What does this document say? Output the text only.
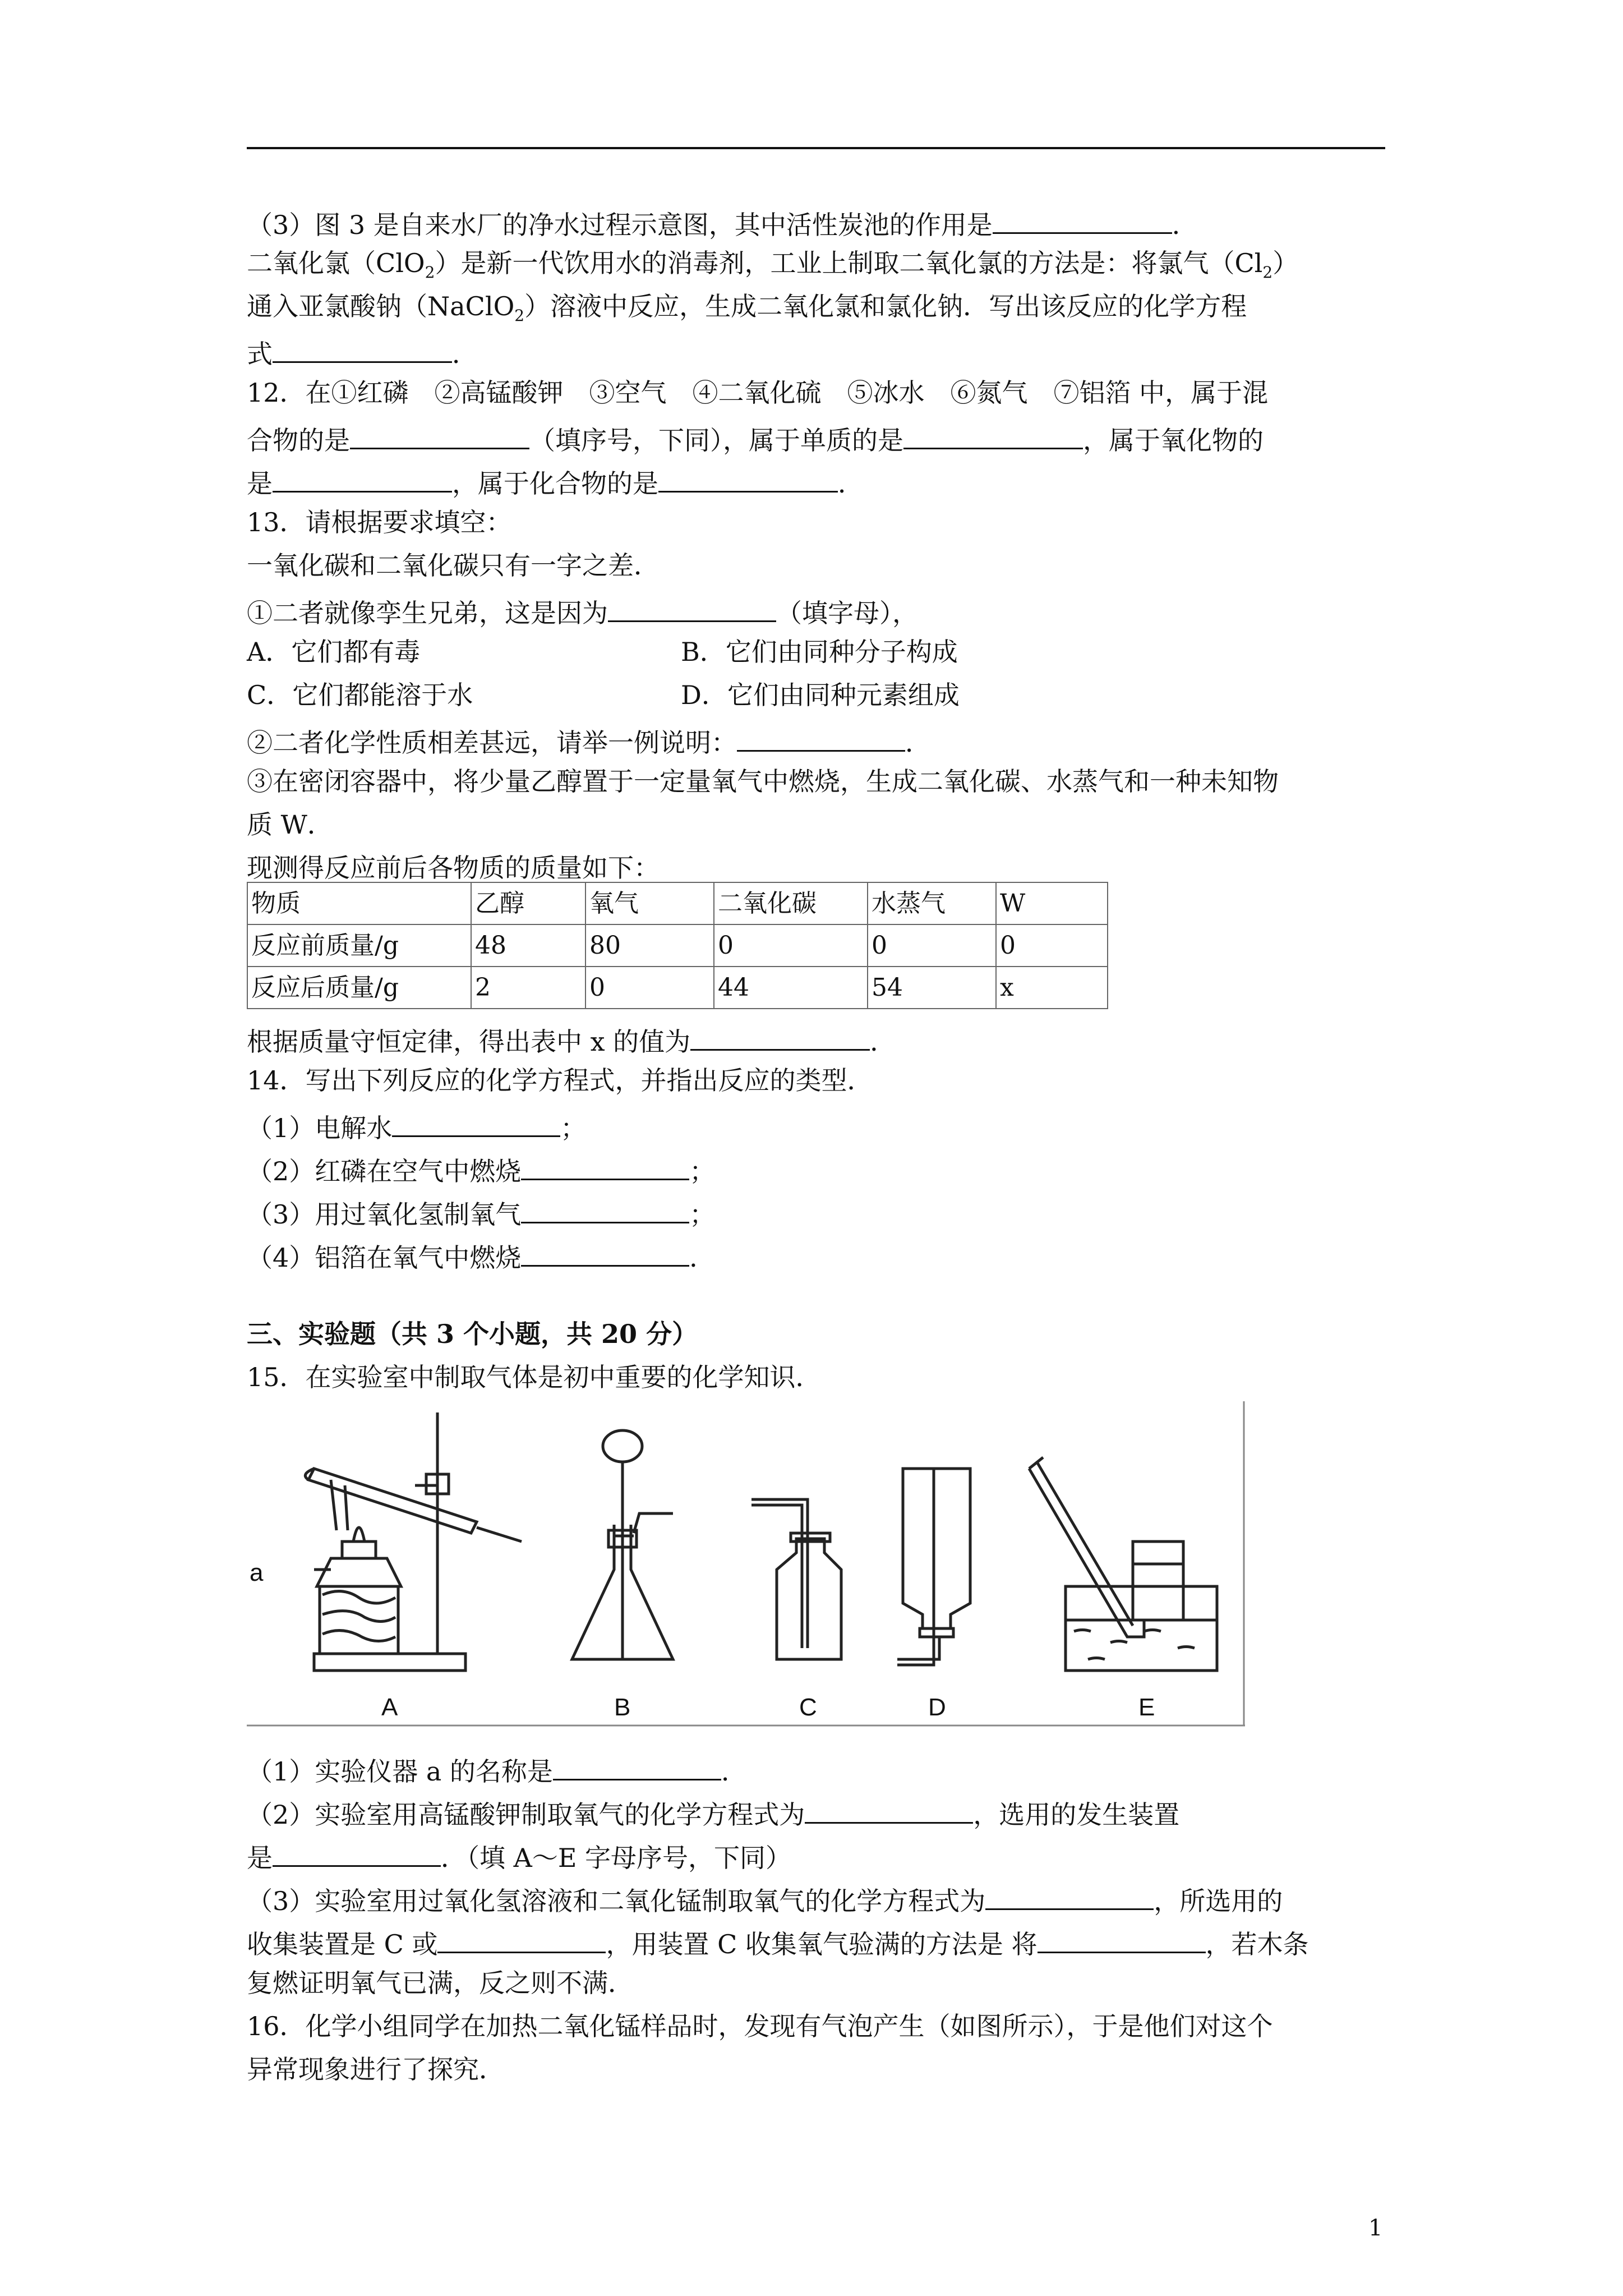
（3）图 3 是自来水厂的净水过程示意图，其中活性炭池的作用是	．
二氧化氯（ClO$_2$）是新一代饮用水的消毒剂，工业上制取二氧化氯的方法是：将氯气$(Cl_2)$
通入亚氯酸钠（NaClO$_2$）溶液中反应，生成二氧化氯和氯化钠．写出该反应的化学方程
式	．
12．在①红磷　②高锰酸钾　③空气　④二氧化硫　⑤冰水　⑥氮气　⑦铝箔 中，属于混
合物的是	（填序号，下同），属于单质的是	，属于氧化物的
是	，属于化合物的是	．
13．请根据要求填空：
一氧化碳和二氧化碳只有一字之差．
①二者就像孪生兄弟，这是因为	（填字母），
A．它们都有毒	B．它们由同种分子构成
C．它们都能溶于水	D．它们由同种元素组成
②二者化学性质相差甚远，请举一例说明：	．
③在密闭容器中，将少量乙醇置于一定量氧气中燃烧，生成二氧化碳、水蒸气和一种未知物
质 W．
现测得反应前后各物质的质量如下：
物质	乙醇	氧气	二氧化碳	水蒸气	W
反应前质量/g	48	80	0	0	0
反应后质量/g	2	0	44	54	x
根据质量守恒定律，得出表中 x 的值为	．
14．写出下列反应的化学方程式，并指出反应的类型．
（1）电解水	；
（2）红磷在空气中燃烧	；
（3）用过氧化氢制氧气	；
（4）铝箔在氧气中燃烧	．
三、实验题（共 3 个小题，共 20 分）
15．在实验室中制取气体是初中重要的化学知识．
a
A	B	C	D	E
（1）实验仪器 a 的名称是	．
（2）实验室用高锰酸钾制取氧气的化学方程式为	，选用的发生装置
是	．（填 A～E 字母序号，下同）
（3）实验室用过氧化氢溶液和二氧化锰制取氧气的化学方程式为	，所选用的
收集装置是 C 或	，用装置 C 收集氧气验满的方法是 将	，若木条
复燃证明氧气已满，反之则不满．
16．化学小组同学在加热二氧化锰样品时，发现有气泡产生（如图所示），于是他们对这个
异常现象进行了探究．
1
